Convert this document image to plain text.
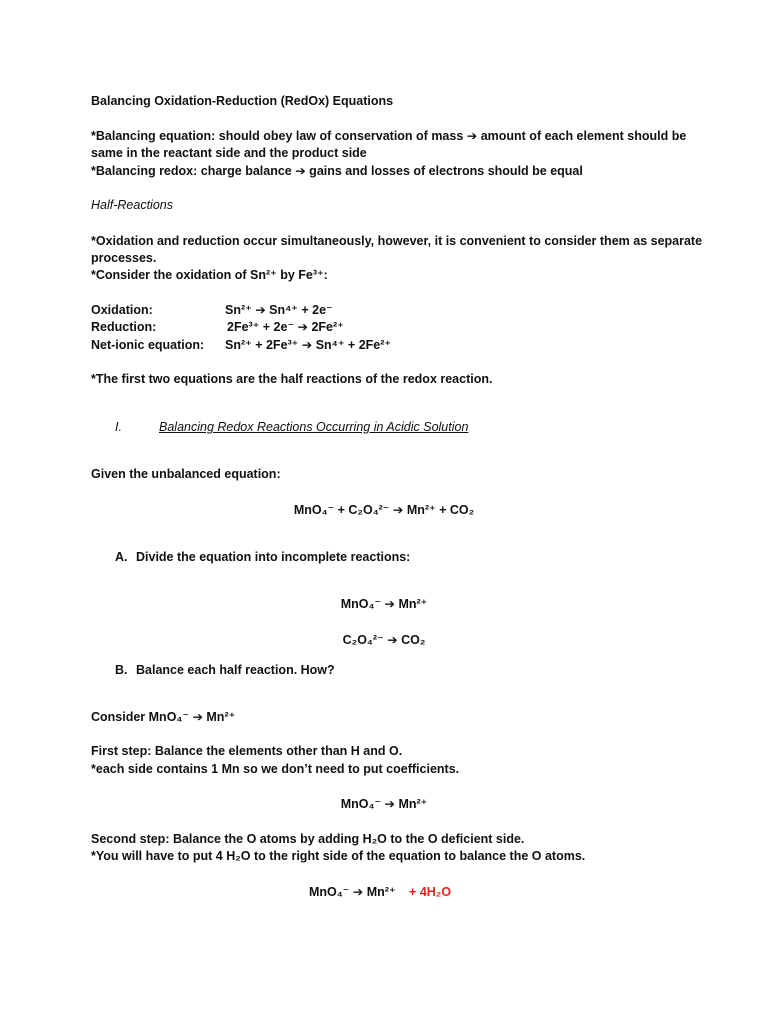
Balancing Oxidation-Reduction (RedOx) Equations
*Balancing equation: should obey law of conservation of mass ➔ amount of each element should be
same in the reactant side and the product side
*Balancing redox: charge balance ➔ gains and losses of electrons should be equal
Half-Reactions
*Oxidation and reduction occur simultaneously, however, it is convenient to consider them as separate
processes.
*Consider the oxidation of Sn²⁺ by Fe³⁺:
Oxidation:	Sn²⁺ ➔ Sn⁴⁺ + 2e⁻
Reduction:	2Fe³⁺ + 2e⁻ ➔ 2Fe²⁺
Net-ionic equation: Sn²⁺ + 2Fe³⁺ ➔ Sn⁴⁺ + 2Fe²⁺
*The first two equations are the half reactions of the redox reaction.
I.	Balancing Redox Reactions Occurring in Acidic Solution
Given the unbalanced equation:
MnO₄⁻ + C₂O₄²⁻ ➔ Mn²⁺ + CO₂
A. Divide the equation into incomplete reactions:
MnO₄⁻ ➔ Mn²⁺
C₂O₄²⁻ ➔ CO₂
B. Balance each half reaction. How?
Consider MnO₄⁻ ➔ Mn²⁺
First step: Balance the elements other than H and O.
*each side contains 1 Mn so we don’t need to put coefficients.
MnO₄⁻ ➔ Mn²⁺
Second step: Balance the O atoms by adding H₂O to the O deficient side.
*You will have to put 4 H₂O to the right side of the equation to balance the O atoms.
MnO₄⁻ ➔ Mn²⁺ + 4H₂O
